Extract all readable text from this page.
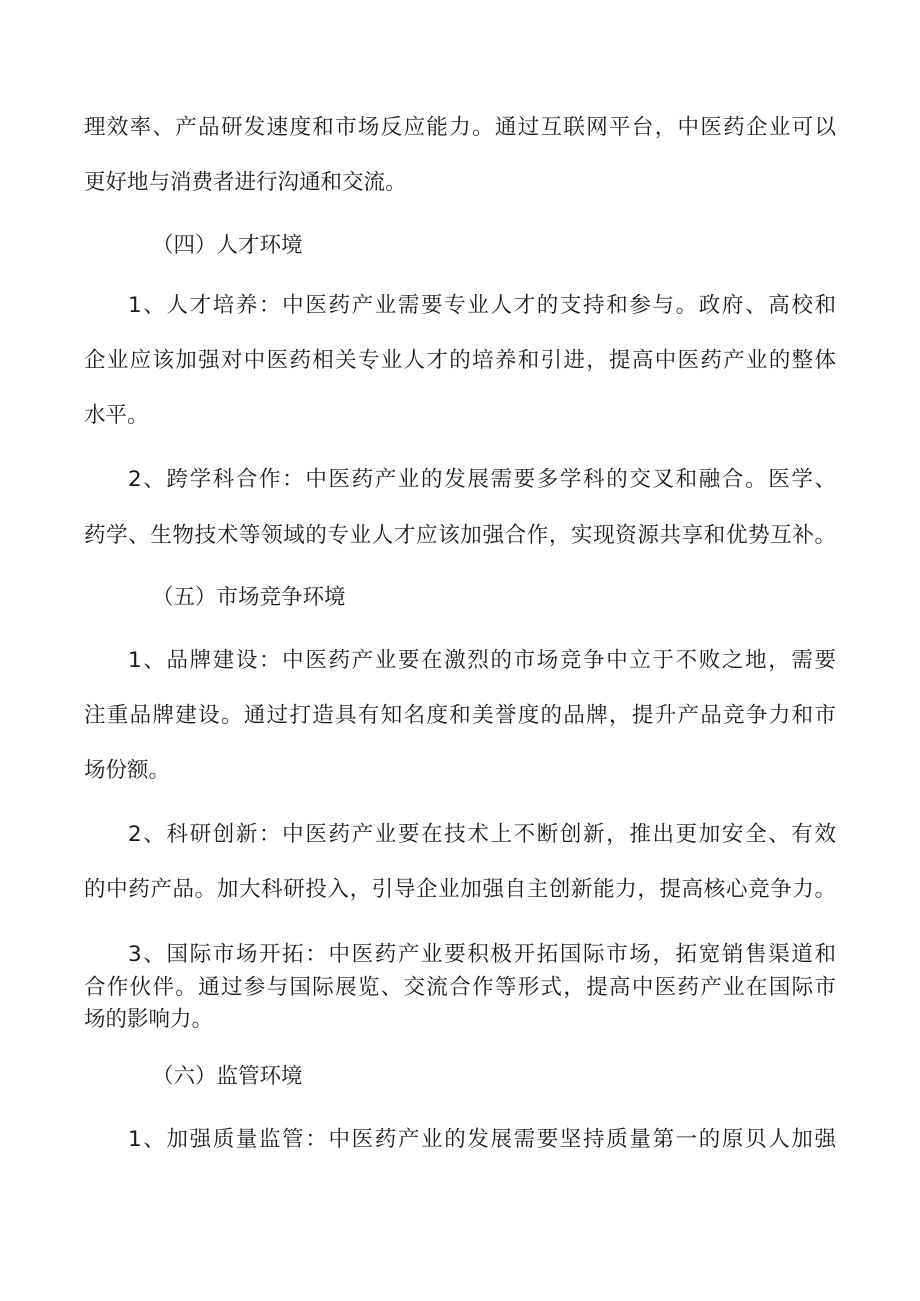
理效率、产品研发速度和市场反应能力。通过互联网平台，中医药企业可以
更好地与消费者进行沟通和交流。
（四）人才环境
1、人才培养：中医药产业需要专业人才的支持和参与。政府、高校和
企业应该加强对中医药相关专业人才的培养和引进，提高中医药产业的整体
水平。
2、跨学科合作：中医药产业的发展需要多学科的交叉和融合。医学、
药学、生物技术等领域的专业人才应该加强合作，实现资源共享和优势互补。
（五）市场竞争环境
1、品牌建设：中医药产业要在激烈的市场竞争中立于不败之地，需要
注重品牌建设。通过打造具有知名度和美誉度的品牌，提升产品竞争力和市
场份额。
2、科研创新：中医药产业要在技术上不断创新，推出更加安全、有效
的中药产品。加大科研投入，引导企业加强自主创新能力，提高核心竞争力。
3、国际市场开拓：中医药产业要积极开拓国际市场，拓宽销售渠道和
合作伙伴。通过参与国际展览、交流合作等形式，提高中医药产业在国际市
场的影响力。
（六）监管环境
1、加强质量监管：中医药产业的发展需要坚持质量第一的原贝人加强
